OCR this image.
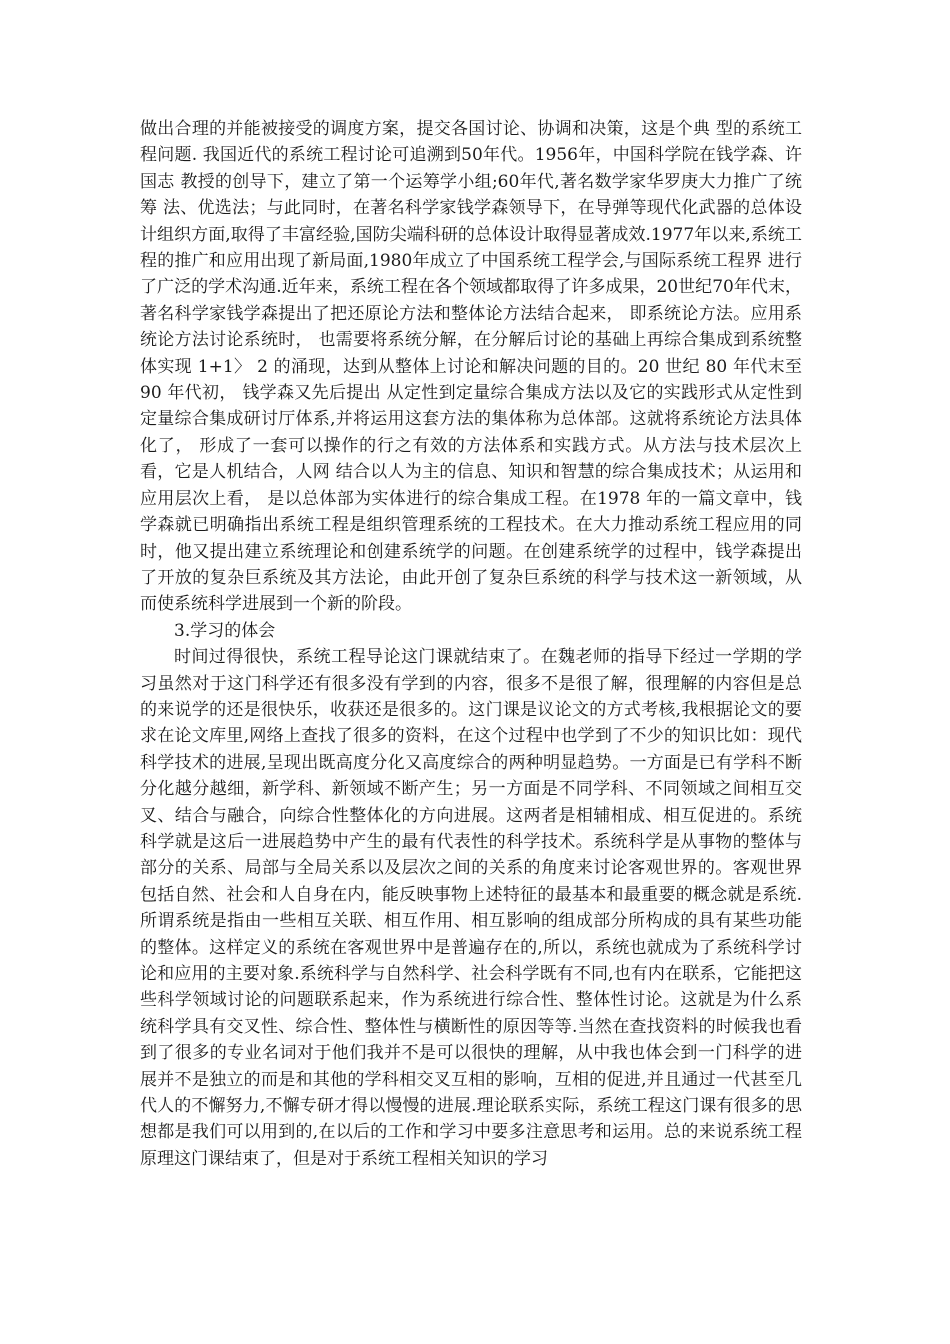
做出合理的并能被接受的调度方案，提交各国讨论、协调和决策，这是个典 型的系统工程问题. 我国近代的系统工程讨论可追溯到50年代。1956年，中国科学院在钱学森、许国志 教授的创导下，建立了第一个运筹学小组;60年代,著名数学家华罗庚大力推广了统筹 法、优选法；与此同时，在著名科学家钱学森领导下，在导弹等现代化武器的总体设计组织方面,取得了丰富经验,国防尖端科研的总体设计取得显著成效.1977年以来,系统工程的推广和应用出现了新局面,1980年成立了中国系统工程学会,与国际系统工程界 进行了广泛的学术沟通.近年来，系统工程在各个领域都取得了许多成果，20世纪70年代末，著名科学家钱学森提出了把还原论方法和整体论方法结合起来， 即系统论方法。应用系统论方法讨论系统时， 也需要将系统分解，在分解后讨论的基础上再综合集成到系统整体实现 1+1〉 2 的涌现，达到从整体上讨论和解决问题的目的。20 世纪 80 年代末至 90 年代初， 钱学森又先后提出 从定性到定量综合集成方法以及它的实践形式从定性到定量综合集成研讨厅体系,并将运用这套方法的集体称为总体部。这就将系统论方法具体化了， 形成了一套可以操作的行之有效的方法体系和实践方式。从方法与技术层次上看，它是人机结合，人网 结合以人为主的信息、知识和智慧的综合集成技术；从运用和应用层次上看， 是以总体部为实体进行的综合集成工程。在1978 年的一篇文章中，钱学森就已明确指出系统工程是组织管理系统的工程技术。在大力推动系统工程应用的同时，他又提出建立系统理论和创建系统学的问题。在创建系统学的过程中，钱学森提出了开放的复杂巨系统及其方法论，由此开创了复杂巨系统的科学与技术这一新领域，从而使系统科学进展到一个新的阶段。

3.学习的体会

时间过得很快，系统工程导论这门课就结束了。在魏老师的指导下经过一学期的学习虽然对于这门科学还有很多没有学到的内容，很多不是很了解，很理解的内容但是总的来说学的还是很快乐，收获还是很多的。这门课是议论文的方式考核,我根据论文的要求在论文库里,网络上查找了很多的资料，在这个过程中也学到了不少的知识比如：现代科学技术的进展,呈现出既高度分化又高度综合的两种明显趋势。一方面是已有学科不断分化越分越细，新学科、新领域不断产生；另一方面是不同学科、不同领域之间相互交叉、结合与融合，向综合性整体化的方向进展。这两者是相辅相成、相互促进的。系统科学就是这后一进展趋势中产生的最有代表性的科学技术。系统科学是从事物的整体与部分的关系、局部与全局关系以及层次之间的关系的角度来讨论客观世界的。客观世界包括自然、社会和人自身在内，能反映事物上述特征的最基本和最重要的概念就是系统.所谓系统是指由一些相互关联、相互作用、相互影响的组成部分所构成的具有某些功能的整体。这样定义的系统在客观世界中是普遍存在的,所以，系统也就成为了系统科学讨论和应用的主要对象.系统科学与自然科学、社会科学既有不同,也有内在联系，它能把这些科学领域讨论的问题联系起来，作为系统进行综合性、整体性讨论。这就是为什么系统科学具有交叉性、综合性、整体性与横断性的原因等等.当然在查找资料的时候我也看到了很多的专业名词对于他们我并不是可以很快的理解，从中我也体会到一门科学的进展并不是独立的而是和其他的学科相交叉互相的影响，互相的促进,并且通过一代甚至几代人的不懈努力,不懈专研才得以慢慢的进展.理论联系实际，系统工程这门课有很多的思想都是我们可以用到的,在以后的工作和学习中要多注意思考和运用。总的来说系统工程原理这门课结束了，但是对于系统工程相关知识的学习
